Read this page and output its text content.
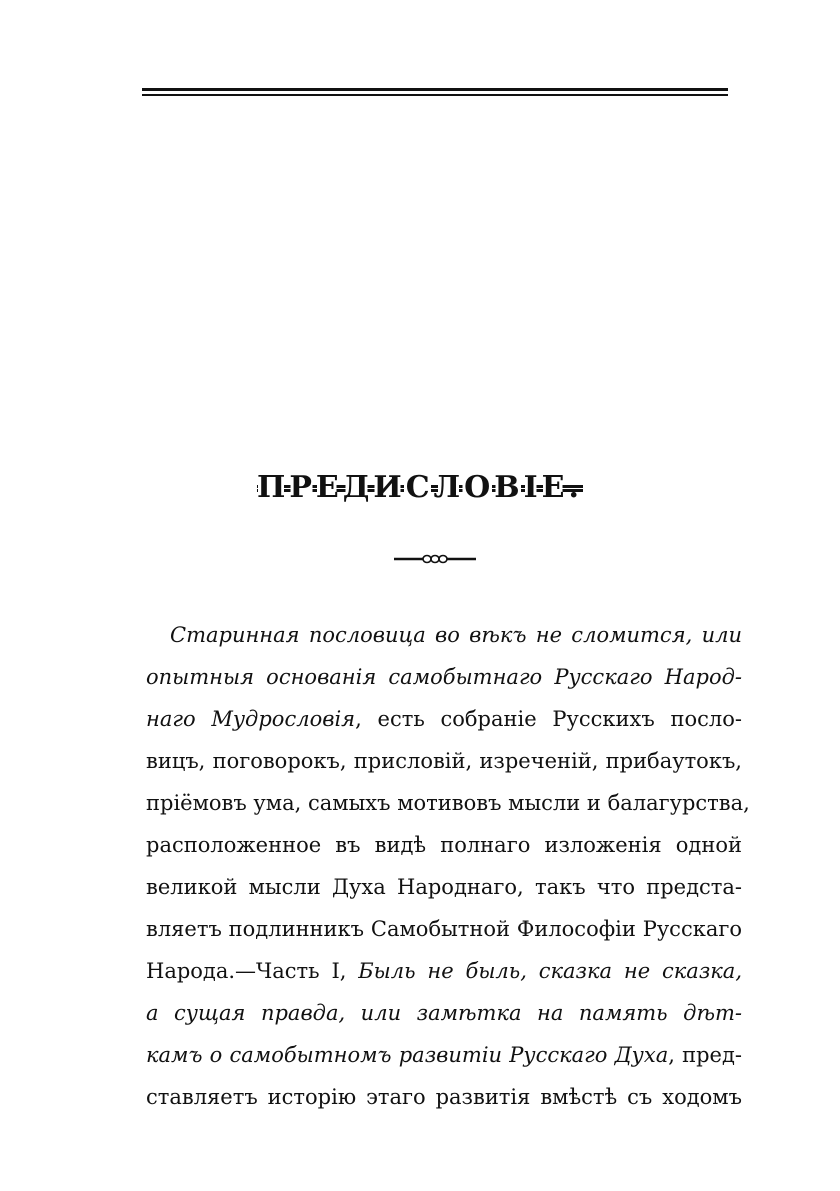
ПРЕДИСЛОВІЕ.
Старинная пословица во вѣкъ не сломится, или
опытныя основанія самобытнаго Русскаго Народ-
наго Мудрословія, есть собраніе Русскихъ посло-
вицъ, поговорокъ, присловій, изреченій, прибаутокъ,
пріёмовъ ума, самыхъ мотивовъ мысли и балагурства,
расположенное въ видѣ полнаго изложенія одной
великой мысли Духа Народнаго, такъ что предста-
вляетъ подлинникъ Самобытной Философіи Русскаго
Народа.—Часть I, Быль не быль, сказка не сказка,
а сущая правда, или замѣтка на память дѣт-
камъ о самобытномъ развитіи Русскаго Духа, пред-
ставляетъ исторію этаго развитія вмѣстѣ съ ходомъ
